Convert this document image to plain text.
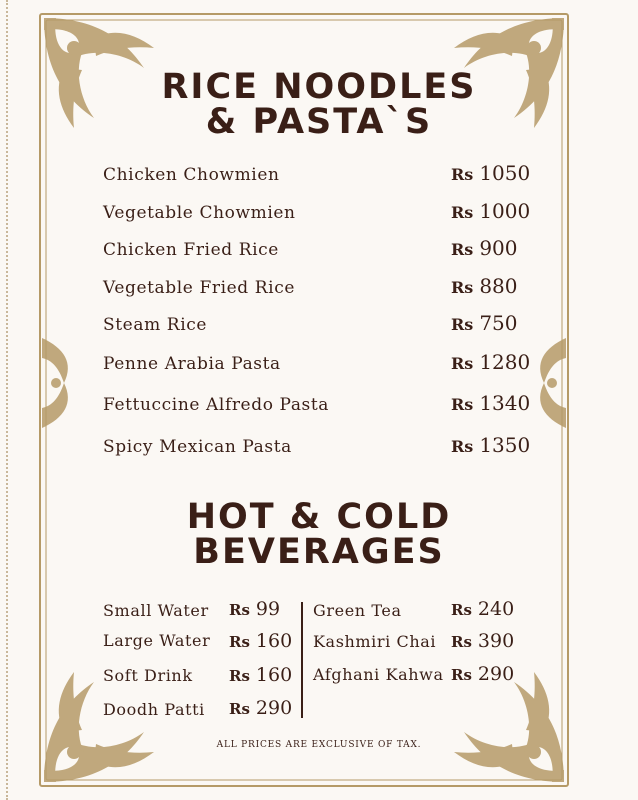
RICE NOODLES
& PASTA`S
Chicken Chowmien	Rs 1050
Vegetable Chowmien	Rs 1000
Chicken Fried Rice	Rs 900
Vegetable Fried Rice	Rs 880
Steam Rice	Rs 750
Penne Arabia Pasta	Rs 1280
Fettuccine Alfredo Pasta	Rs 1340
Spicy Mexican Pasta	Rs 1350
HOT & COLD
BEVERAGES
Small Water Rs 99
Large Water Rs 160
Soft Drink Rs 160
Doodh Patti Rs 290
Green Tea	Rs 240
Kashmiri Chai Rs 390
Afghani Kahwa Rs 290
ALL PRICES ARE EXCLUSIVE OF TAX.
